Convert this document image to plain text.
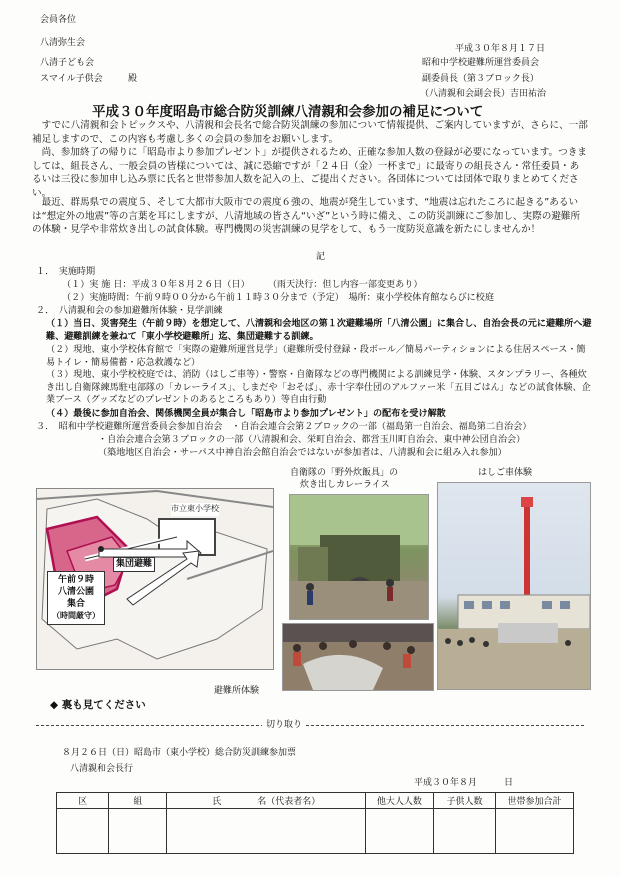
会員各位
八清弥生会
八清子ども会
スマイル子供会	殿
平成３０年８月１７日
昭和中学校避難所運営委員会
副委員長（第３ブロック長）
（八清親和会副会長）吉田祐治
平成３０年度昭島市総合防災訓練八清親和会参加の補足について
すでに八清親和会トピックスや、八清親和会長名で総合防災訓練の参加について情報提供、ご案内していますが、さらに、一部補足しますので、この内容も考慮し多くの会員の参加をお願いします。
尚、参加終了の帰りに「昭島市より参加プレゼント」が提供されるため、正確な参加人数の登録が必要になっています。つきましては、組長さん、一般会員の皆様については、誠に恐縮ですが「２４日（金）一杯まで」に最寄りの組長さん・常任委員・あるいは三役に参加申し込み票に氏名と世帯参加人数を記入の上、ご提出ください。各団体については団体で取りまとめてください。
最近、群馬県での震度５、そして大都市大阪市での震度６強の、地震が発生しています、“地震は忘れたころに起きる”あるいは“想定外の地震”等の言葉を耳にしますが、八清地域の皆さん“いざ”という時に備え、この防災訓練にご参加し、実際の避難所の体験・見学や非常炊き出しの試食体験。専門機関の災害訓練の見学をして、もう一度防災意識を新たにしませんか！
記
１．　実施時期
（１）実 施 日：平成３０年８月２６日（日）　　　（雨天決行：但し内容一部変更あり）
（２）実施時間：午前９時００分から午前１１時３０分まで（予定）　場所：東小学校体育館ならびに校庭
２．　八清親和会の参加避難所体験・見学訓練
（１）当日、災害発生（午前９時）を想定して、八清親和会地区の第１次避難場所「八清公園」に集合し、自治会長の元に避難所へ避難、避難訓練を兼ねて「東小学校避難所」迄、集団避難する訓練。
（２）現地、東小学校体育館で「実際の避難所運営見学」（避難所受付登録・段ボール／簡易パーティションによる住居スペース・簡易トイレ・簡易備蓄・応急救護など）
（３）現地、東小学校校庭では、消防（はしご車等）・警察・自衛隊などの専門機関による訓練見学・体験、スタンプラリー、各種炊き出し自衛隊練馬駐屯部隊の「カレーライス」、しまだや「おそば」、赤十字奉仕団のアルファー米「五目ごはん」などの試食体験、企業ブース（グッズなどのプレゼントのあるところもあり）等自由行動
（４）最後に参加自治会、関係機関全員が集合し「昭島市より参加プレゼント」の配布を受け解散
３．　昭和中学校避難所運営委員会参加自治会　・自治会連合会第２ブロックの一部（福島第一自治会、福島第二自治会）
・自治会連合会第３ブロックの一部（八清親和会、栄町自治会、都営玉川町自治会、東中神公団自治会）
（築地地区自治会・サーパス中神自治会館自治会ではないが参加者は、八清親和会に組み入れ参加）
市立東小学校
集団避難
午前９時
八清公園
集合
（時間厳守）
自衛隊の「野外炊飯具」の
炊き出しカレーライス
はしご車体験
避難所体験
◆ 裏も見てください
切り取り
８月２６日（日）昭島市（東小学校）総合防災訓練参加票
八清親和会長行
平成３０年８月　　　日
区	組	氏　　　　名（代表者名）	他大人人数	子供人数	世帯参加合計
